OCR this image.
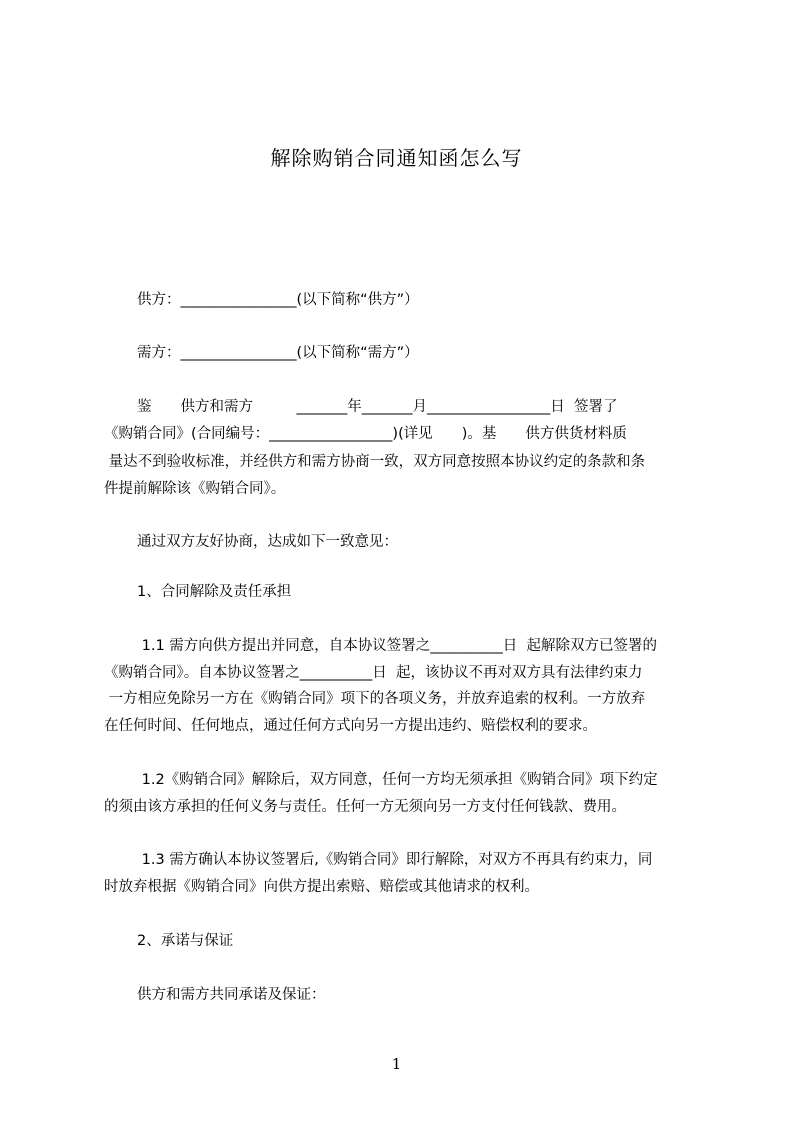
解除购销合同通知函怎么写
供方：________________(以下简称“供方”）
需方：________________(以下简称“需方”）
鉴　　供方和需方　　　_______年_______月_________________日  签署了
《购销合同》(合同编号：_________________)(详见　　)。基　　供方供货材料质
量达不到验收标准，并经供方和需方协商一致，双方同意按照本协议约定的条款和条
件提前解除该《购销合同》。
通过双方友好协商，达成如下一致意见：
1、合同解除及责任承担
1.1 需方向供方提出并同意，自本协议签署之__________日  起解除双方已签署的
《购销合同》。自本协议签署之__________日  起，该协议不再对双方具有法律约束力
一方相应免除另一方在《购销合同》项下的各项义务，并放弃追索的权利。一方放弃
在任何时间、任何地点，通过任何方式向另一方提出违约、赔偿权利的要求。
1.2《购销合同》解除后，双方同意，任何一方均无须承担《购销合同》项下约定
的须由该方承担的任何义务与责任。任何一方无须向另一方支付任何钱款、费用。
1.3 需方确认本协议签署后,《购销合同》即行解除，对双方不再具有约束力，同
时放弃根据《购销合同》向供方提出索赔、赔偿或其他请求的权利。
2、承诺与保证
供方和需方共同承诺及保证：
1
